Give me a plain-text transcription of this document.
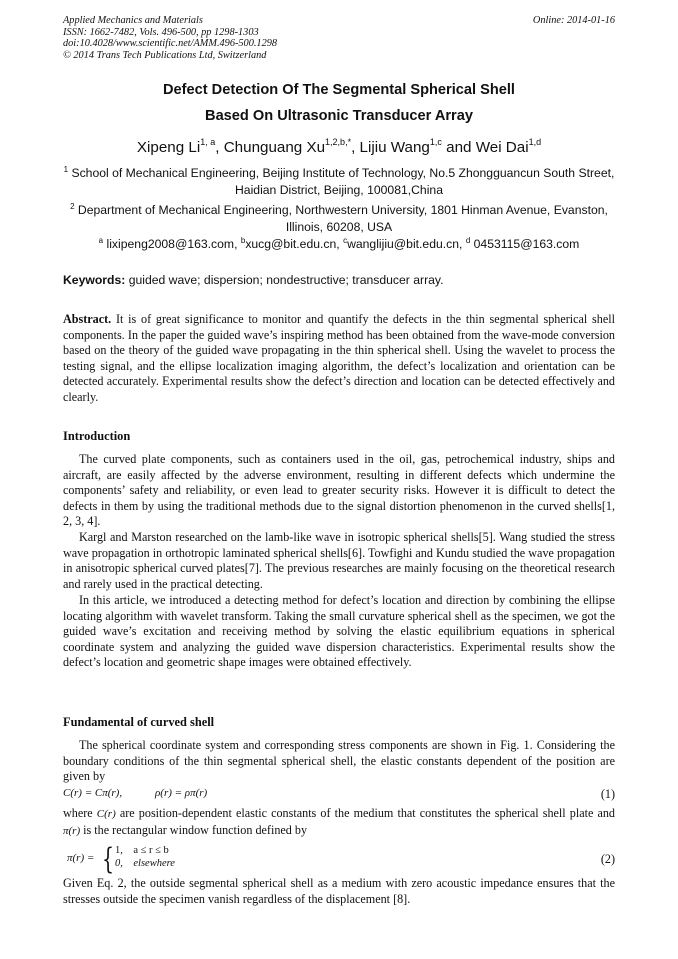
Applied Mechanics and Materials
ISSN: 1662-7482, Vols. 496-500, pp 1298-1303
doi:10.4028/www.scientific.net/AMM.496-500.1298
© 2014 Trans Tech Publications Ltd, Switzerland
Online: 2014-01-16
Defect Detection Of The Segmental Spherical Shell
Based On Ultrasonic Transducer Array
Xipeng Li$^{1, a}$, Chunguang $Xu^{1,2,b,*}$, Lijiu Wang$^{1,c}$ and Wei Dai$^{1,d}$
$^1$ School of Mechanical Engineering, Beijing Institute of Technology, No.5 Zhongguancun South Street, Haidian District, Beijing, 100081,China
$^2$ Department of Mechanical Engineering, Northwestern University, 1801 Hinman Avenue, Evanston, Illinois, 60208, USA
$^a$ lixipeng2008@163.com, $^b$xucg@bit.edu.cn, $^c$wanglijiu@bit.edu.cn, $^d$ 0453115@163.com
Keywords: guided wave; dispersion; nondestructive; transducer array.
Abstract. It is of great significance to monitor and quantify the defects in the thin segmental spherical shell components. In the paper the guided wave’s inspiring method has been obtained from the wave-mode conversion based on the theory of the guided wave propagating in the thin spherical shell. Using the wavelet to process the testing signal, and the ellipse localization imaging algorithm, the defect’s localization and orientation can be detected accurately. Experimental results show the defect’s direction and location can be detected effectively and clearly.
Introduction
The curved plate components, such as containers used in the oil, gas, petrochemical industry, ships and aircraft, are easily affected by the adverse environment, resulting in different defects which undermine the components’ safety and reliability, or even lead to greater security risks. However it is difficult to detect the defects in them by using the traditional methods due to the signal distortion phenomenon in the curved shells[1, 2, 3, 4].
Kargl and Marston researched on the lamb-like wave in isotropic spherical shells[5]. Wang studied the stress wave propagation in orthotropic laminated spherical shells[6]. Towfighi and Kundu studied the wave propagation in anisotropic spherical curved plates[7]. The previous researches are mainly focusing on the theoretical research and rarely used in the practical detecting.
In this article, we introduced a detecting method for defect’s location and direction by combining the ellipse locating algorithm with wavelet transform. Taking the small curvature spherical shell as the specimen, we got the guided wave’s excitation and receiving method by solving the elastic equilibrium equations in spherical coordinate system and analyzing the guided wave dispersion characteristics. Experimental results show the defect’s location and geometric shape images were obtained effectively.
Fundamental of curved shell
The spherical coordinate system and corresponding stress components are shown in Fig. 1. Considering the boundary conditions of the thin segmental spherical shell, the elastic constants dependent of the position are given by
C(r) = Cπ(r),	ρ(r) = ρπ(r)	(1)
where C(r) are position-dependent elastic constants of the medium that constitutes the spherical shell plate and π(r) is the rectangular window function defined by
π(r) = { 1,    a ≤ r ≤ b
0,    elsewhere	(2)
Given Eq. 2, the outside segmental spherical shell as a medium with zero acoustic impedance ensures that the stresses outside the specimen vanish regardless of the displacement [8].
